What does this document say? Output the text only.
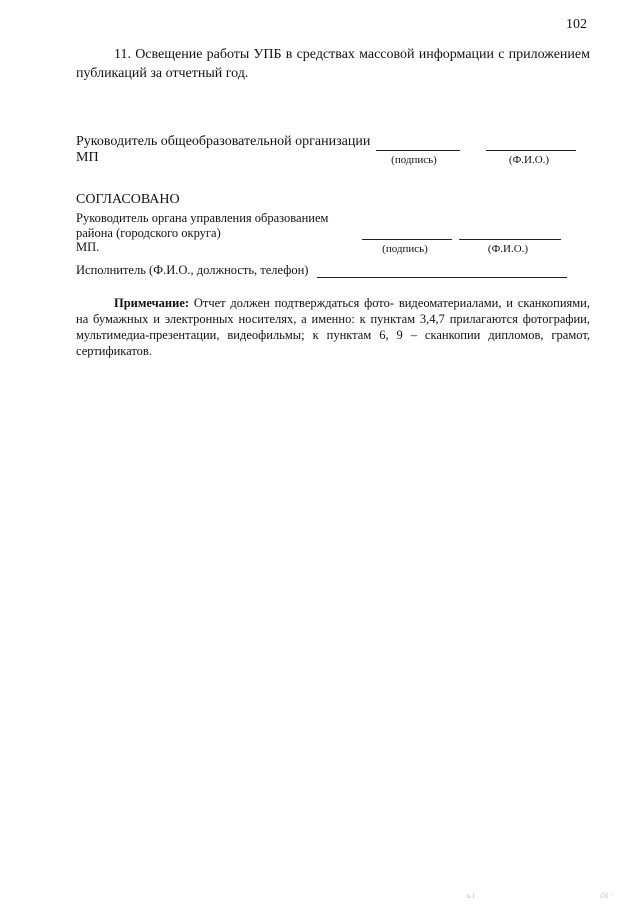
102
11. Освещение работы УПБ в средствах массовой информации с приложением публикаций за отчетный год.
Руководитель общеобразовательной организации
МП	(подпись)	(Ф.И.О.)
СОГЛАСОВАНО
Руководитель органа управления образованием
района (городского округа)
МП.	(подпись)	(Ф.И.О.)
Исполнитель (Ф.И.О., должность, телефон)
Примечание: Отчет должен подтверждаться фото- видеоматериалами, и сканкопиями, на бумажных и электронных носителях, а именно: к пунктам 3,4,7 прилагаются фотографии, мультимедиа-презентации, видеофильмы; к пунктам 6, 9 – сканкопии дипломов, грамот, сертификатов.
ь і	ı'ıï ·
